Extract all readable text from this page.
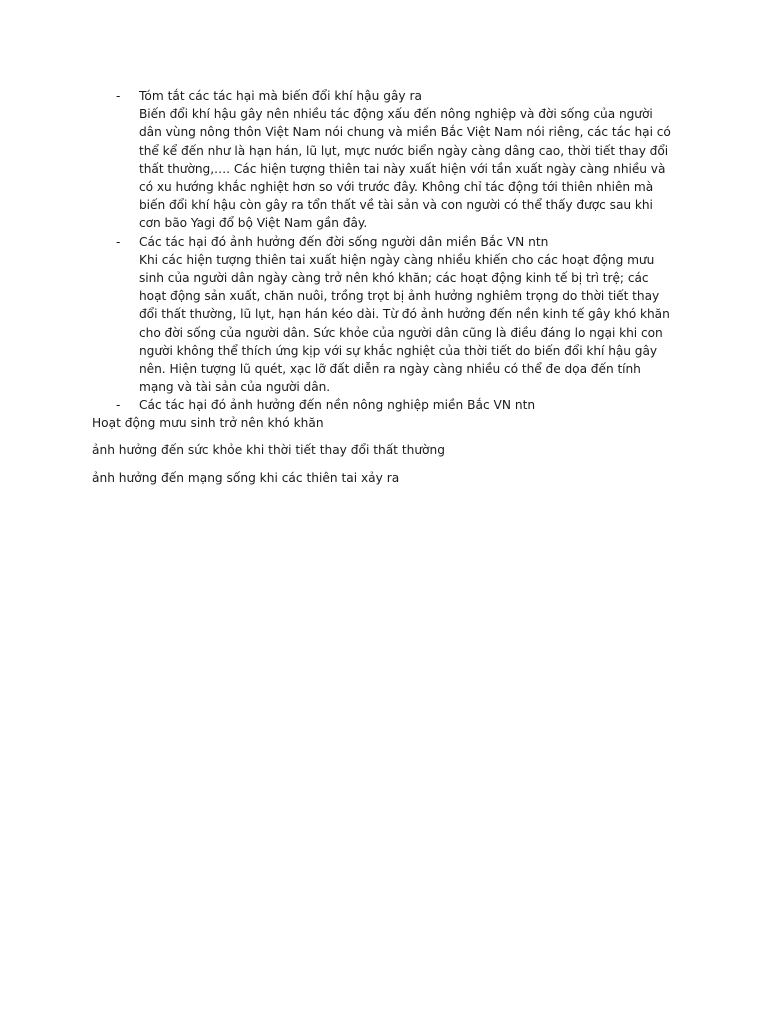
-	Tóm tắt các tác hại mà biến đổi khí hậu gây ra
Biến đổi khí hậu gây nên nhiều tác động xấu đến nông nghiệp và đời sống của người dân vùng nông thôn Việt Nam nói chung và miền Bắc Việt Nam nói riêng, các tác hại có thể kể đến như là hạn hán, lũ lụt, mực nước biển ngày càng dâng cao, thời tiết thay đổi thất thường,…. Các hiện tượng thiên tai này xuất hiện với tần xuất ngày càng nhiều và có xu hướng khắc nghiệt hơn so với trước đây. Không chỉ tác động tới thiên nhiên mà biến đổi khí hậu còn gây ra tổn thất về tài sản và con người có thể thấy được sau khi cơn bão Yagi đổ bộ Việt Nam gần đây.
-	Các tác hại đó ảnh hưởng đến đời sống người dân miền Bắc VN ntn
Khi các hiện tượng thiên tai xuất hiện ngày càng nhiều khiến cho các hoạt động mưu sinh của người dân ngày càng trở nên khó khăn; các hoạt động kinh tế bị trì trệ; các hoạt động sản xuất, chăn nuôi, trồng trọt bị ảnh hưởng nghiêm trọng do thời tiết thay đổi thất thường, lũ lụt, hạn hán kéo dài. Từ đó ảnh hưởng đến nền kinh tế gây khó khăn cho đời sống của người dân. Sức khỏe của người dân cũng là điều đáng lo ngại khi con người không thể thích ứng kịp với sự khắc nghiệt của thời tiết do biến đổi khí hậu gây nên. Hiện tượng lũ quét, xạc lỡ đất diễn ra ngày càng nhiều có thể đe dọa đến tính mạng và tài sản của người dân.
-	Các tác hại đó ảnh hưởng đến nền nông nghiệp miền Bắc VN ntn

Hoạt động mưu sinh trở nên khó khăn

ảnh hưởng đến sức khỏe khi thời tiết thay đổi thất thường

ảnh hưởng đến mạng sống khi các thiên tai xảy ra
